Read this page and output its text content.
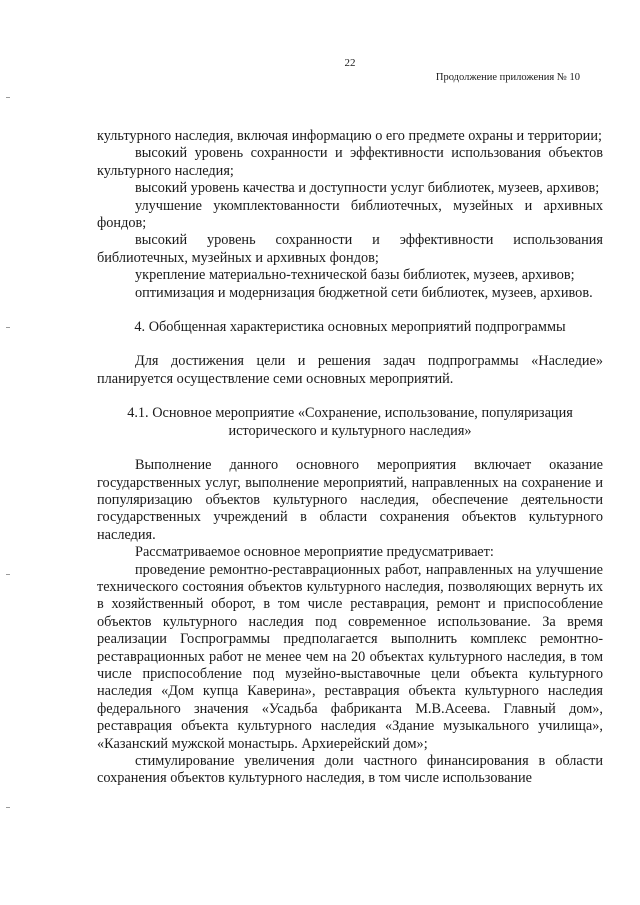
22
Продолжение приложения № 10

культурного наследия, включая информацию о его предмете охраны и территории;

высокий уровень сохранности и эффективности использования объектов культурного наследия;

высокий уровень качества и доступности услуг библиотек, музеев, архивов;

улучшение укомплектованности библиотечных, музейных и архивных фондов;

высокий уровень сохранности и эффективности использования библиотечных, музейных и архивных фондов;

укрепление материально-технической базы библиотек, музеев, архивов;

оптимизация и модернизация бюджетной сети библиотек, музеев, архивов.

4. Обобщенная характеристика основных мероприятий подпрограммы

Для достижения цели и решения задач подпрограммы «Наследие» планируется осуществление семи основных мероприятий.

4.1. Основное мероприятие «Сохранение, использование, популяризация

исторического и культурного наследия»

Выполнение данного основного мероприятия включает оказание государственных услуг, выполнение мероприятий, направленных на сохранение и популяризацию объектов культурного наследия, обеспечение деятельности государственных учреждений в области сохранения объектов культурного наследия.

Рассматриваемое основное мероприятие предусматривает:

проведение ремонтно-реставрационных работ, направленных на улучшение технического состояния объектов культурного наследия, позволяющих вернуть их в хозяйственный оборот, в том числе реставрация, ремонт и приспособление объектов культурного наследия под современное использование. За время реализации Госпрограммы предполагается выполнить комплекс ремонтно-реставрационных работ не менее чем на 20 объектах культурного наследия, в том числе приспособление под музейно-выставочные цели объекта культурного наследия «Дом купца Каверина», реставрация объекта культурного наследия федерального значения «Усадьба фабриканта М.В.Асеева. Главный дом», реставрация объекта культурного наследия «Здание музыкального училища», «Казанский мужской монастырь. Архиерейский дом»;

стимулирование увеличения доли частного финансирования в области сохранения объектов культурного наследия, в том числе использование
